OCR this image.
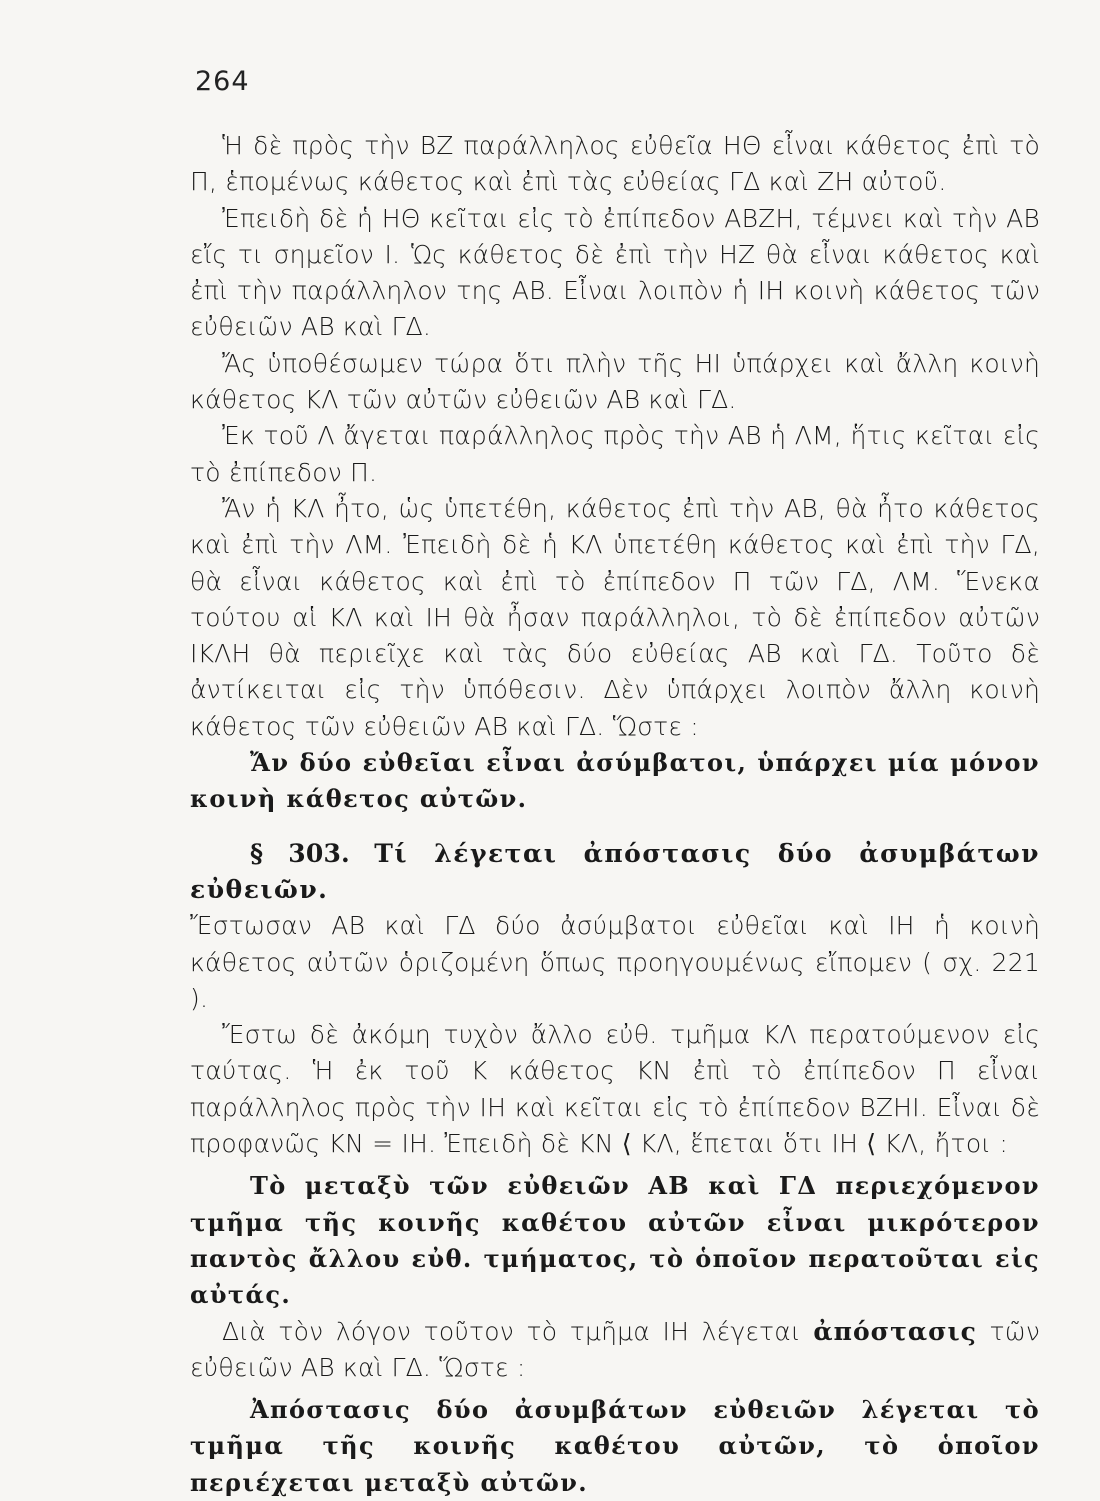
264

Ἡ δὲ πρὸς τὴν ΒΖ παράλληλος εὐθεῖα ΗΘ εἶναι κάθετος ἐπὶ τὸ Π, ἑπομένως κάθετος καὶ ἐπὶ τὰς εὐθείας ΓΔ καὶ ΖΗ αὐτοῦ.

Ἐπειδὴ δὲ ἡ ΗΘ κεῖται εἰς τὸ ἐπίπεδον ΑΒΖΗ, τέμνει καὶ τὴν ΑΒ εἴς τι σημεῖον Ι. Ὡς κάθετος δὲ ἐπὶ τὴν ΗΖ θὰ εἶναι κάθετος καὶ ἐπὶ τὴν παράλληλον της ΑΒ. Εἶναι λοιπὸν ἡ ΙΗ κοινὴ κάθετος τῶν εὐθειῶν ΑΒ καὶ ΓΔ.

Ἄς ὑποθέσωμεν τώρα ὅτι πλὴν τῆς ΗΙ ὑπάρχει καὶ ἄλλη κοινὴ κάθετος ΚΛ τῶν αὐτῶν εὐθειῶν ΑΒ καὶ ΓΔ.

Ἐκ τοῦ Λ ἄγεται παράλληλος πρὸς τὴν ΑΒ ἡ ΛΜ, ἥτις κεῖται εἰς τὸ ἐπίπεδον Π.

Ἄν ἡ ΚΛ ἦτο, ὡς ὑπετέθη, κάθετος ἐπὶ τὴν ΑΒ, θὰ ἦτο κάθετος καὶ ἐπὶ τὴν ΛΜ. Ἐπειδὴ δὲ ἡ ΚΛ ὑπετέθη κάθετος καὶ ἐπὶ τὴν ΓΔ, θὰ εἶναι κάθετος καὶ ἐπὶ τὸ ἐπίπεδον Π τῶν ΓΔ, ΛΜ. Ἕνεκα τούτου αἱ ΚΛ καὶ ΙΗ θὰ ἦσαν παράλληλοι, τὸ δὲ ἐπίπεδον αὐτῶν ΙΚΛΗ θὰ περιεῖχε καὶ τὰς δύο εὐθείας ΑΒ καὶ ΓΔ. Τοῦτο δὲ ἀντίκειται εἰς τὴν ὑπόθεσιν. Δὲν ὑπάρχει λοιπὸν ἄλλη κοινὴ κάθετος τῶν εὐθειῶν ΑΒ καὶ ΓΔ. Ὥστε :

Ἄν δύο εὐθεῖαι εἶναι ἀσύμβατοι, ὑπάρχει μία μόνον κοινὴ κάθετος αὐτῶν.

§ 303. Τί λέγεται ἀπόστασις δύο ἀσυμβάτων εὐθειῶν.

Ἔστωσαν ΑΒ καὶ ΓΔ δύο ἀσύμβατοι εὐθεῖαι καὶ ΙΗ ἡ κοινὴ κάθετος αὐτῶν ὁριζομένη ὅπως προηγουμένως εἴπομεν ( σχ. 221 ).

Ἔστω δὲ ἀκόμη τυχὸν ἄλλο εὐθ. τμῆμα ΚΛ περατούμενον εἰς ταύτας. Ἡ ἐκ τοῦ Κ κάθετος ΚΝ ἐπὶ τὸ ἐπίπεδον Π εἶναι παράλληλος πρὸς τὴν ΙΗ καὶ κεῖται εἰς τὸ ἐπίπεδον ΒΖΗΙ. Εἶναι δὲ προφανῶς ΚΝ = ΙΗ. Ἐπειδὴ δὲ ΚΝ ⟨ ΚΛ, ἕπεται ὅτι ΙΗ ⟨ ΚΛ, ἤτοι :

Τὸ μεταξὺ τῶν εὐθειῶν ΑΒ καὶ ΓΔ περιεχόμενον τμῆμα τῆς κοινῆς καθέτου αὐτῶν εἶναι μικρότερον παντὸς ἄλλου εὐθ. τμήματος, τὸ ὁποῖον περατοῦται εἰς αὐτάς.

Διὰ τὸν λόγον τοῦτον τὸ τμῆμα ΙΗ λέγεται ἀπόστασις τῶν εὐθειῶν ΑΒ καὶ ΓΔ. Ὥστε :

Ἀπόστασις δύο ἀσυμβάτων εὐθειῶν λέγεται τὸ τμῆμα τῆς κοινῆς καθέτου αὐτῶν, τὸ ὁποῖον περιέχεται μεταξὺ αὐτῶν.
